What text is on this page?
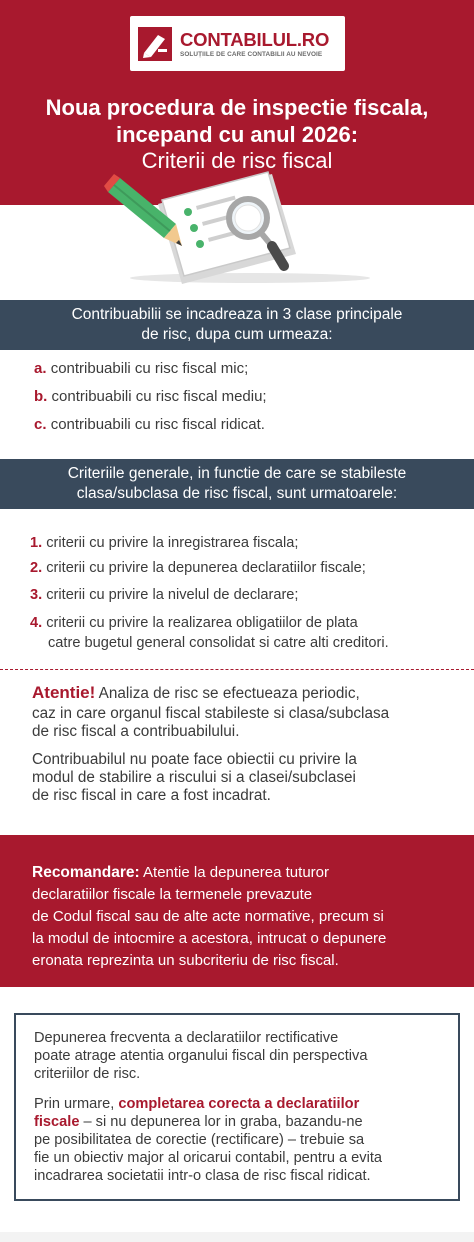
CONTABILUL.RO
SOLUȚIILE DE CARE CONTABILII AU NEVOIE
Noua procedura de inspectie fiscala,
incepand cu anul 2026:
Criterii de risc fiscal
Contribuabilii se incadreaza in 3 clase principale
de risc, dupa cum urmeaza:
a. contribuabili cu risc fiscal mic;
b. contribuabili cu risc fiscal mediu;
c. contribuabili cu risc fiscal ridicat.
Criteriile generale, in functie de care se stabileste
clasa/subclasa de risc fiscal, sunt urmatoarele:
1. criterii cu privire la inregistrarea fiscala;
2. criterii cu privire la depunerea declaratiilor fiscale;
3. criterii cu privire la nivelul de declarare;
4. criterii cu privire la realizarea obligatiilor de plata
catre bugetul general consolidat si catre alti creditori.
Atentie! Analiza de risc se efectueaza periodic,
caz in care organul fiscal stabileste si clasa/subclasa
de risc fiscal a contribuabilului.
Contribuabilul nu poate face obiectii cu privire la
modul de stabilire a riscului si a clasei/subclasei
de risc fiscal in care a fost incadrat.
Recomandare: Atentie la depunerea tuturor
declaratiilor fiscale la termenele prevazute
de Codul fiscal sau de alte acte normative, precum si
la modul de intocmire a acestora, intrucat o depunere
eronata reprezinta un subcriteriu de risc fiscal.
Depunerea frecventa a declaratiilor rectificative
poate atrage atentia organului fiscal din perspectiva
criteriilor de risc.
Prin urmare, completarea corecta a declaratiilor
fiscale – si nu depunerea lor in graba, bazandu-ne
pe posibilitatea de corectie (rectificare) – trebuie sa
fie un obiectiv major al oricarui contabil, pentru a evita
incadrarea societatii intr-o clasa de risc fiscal ridicat.
